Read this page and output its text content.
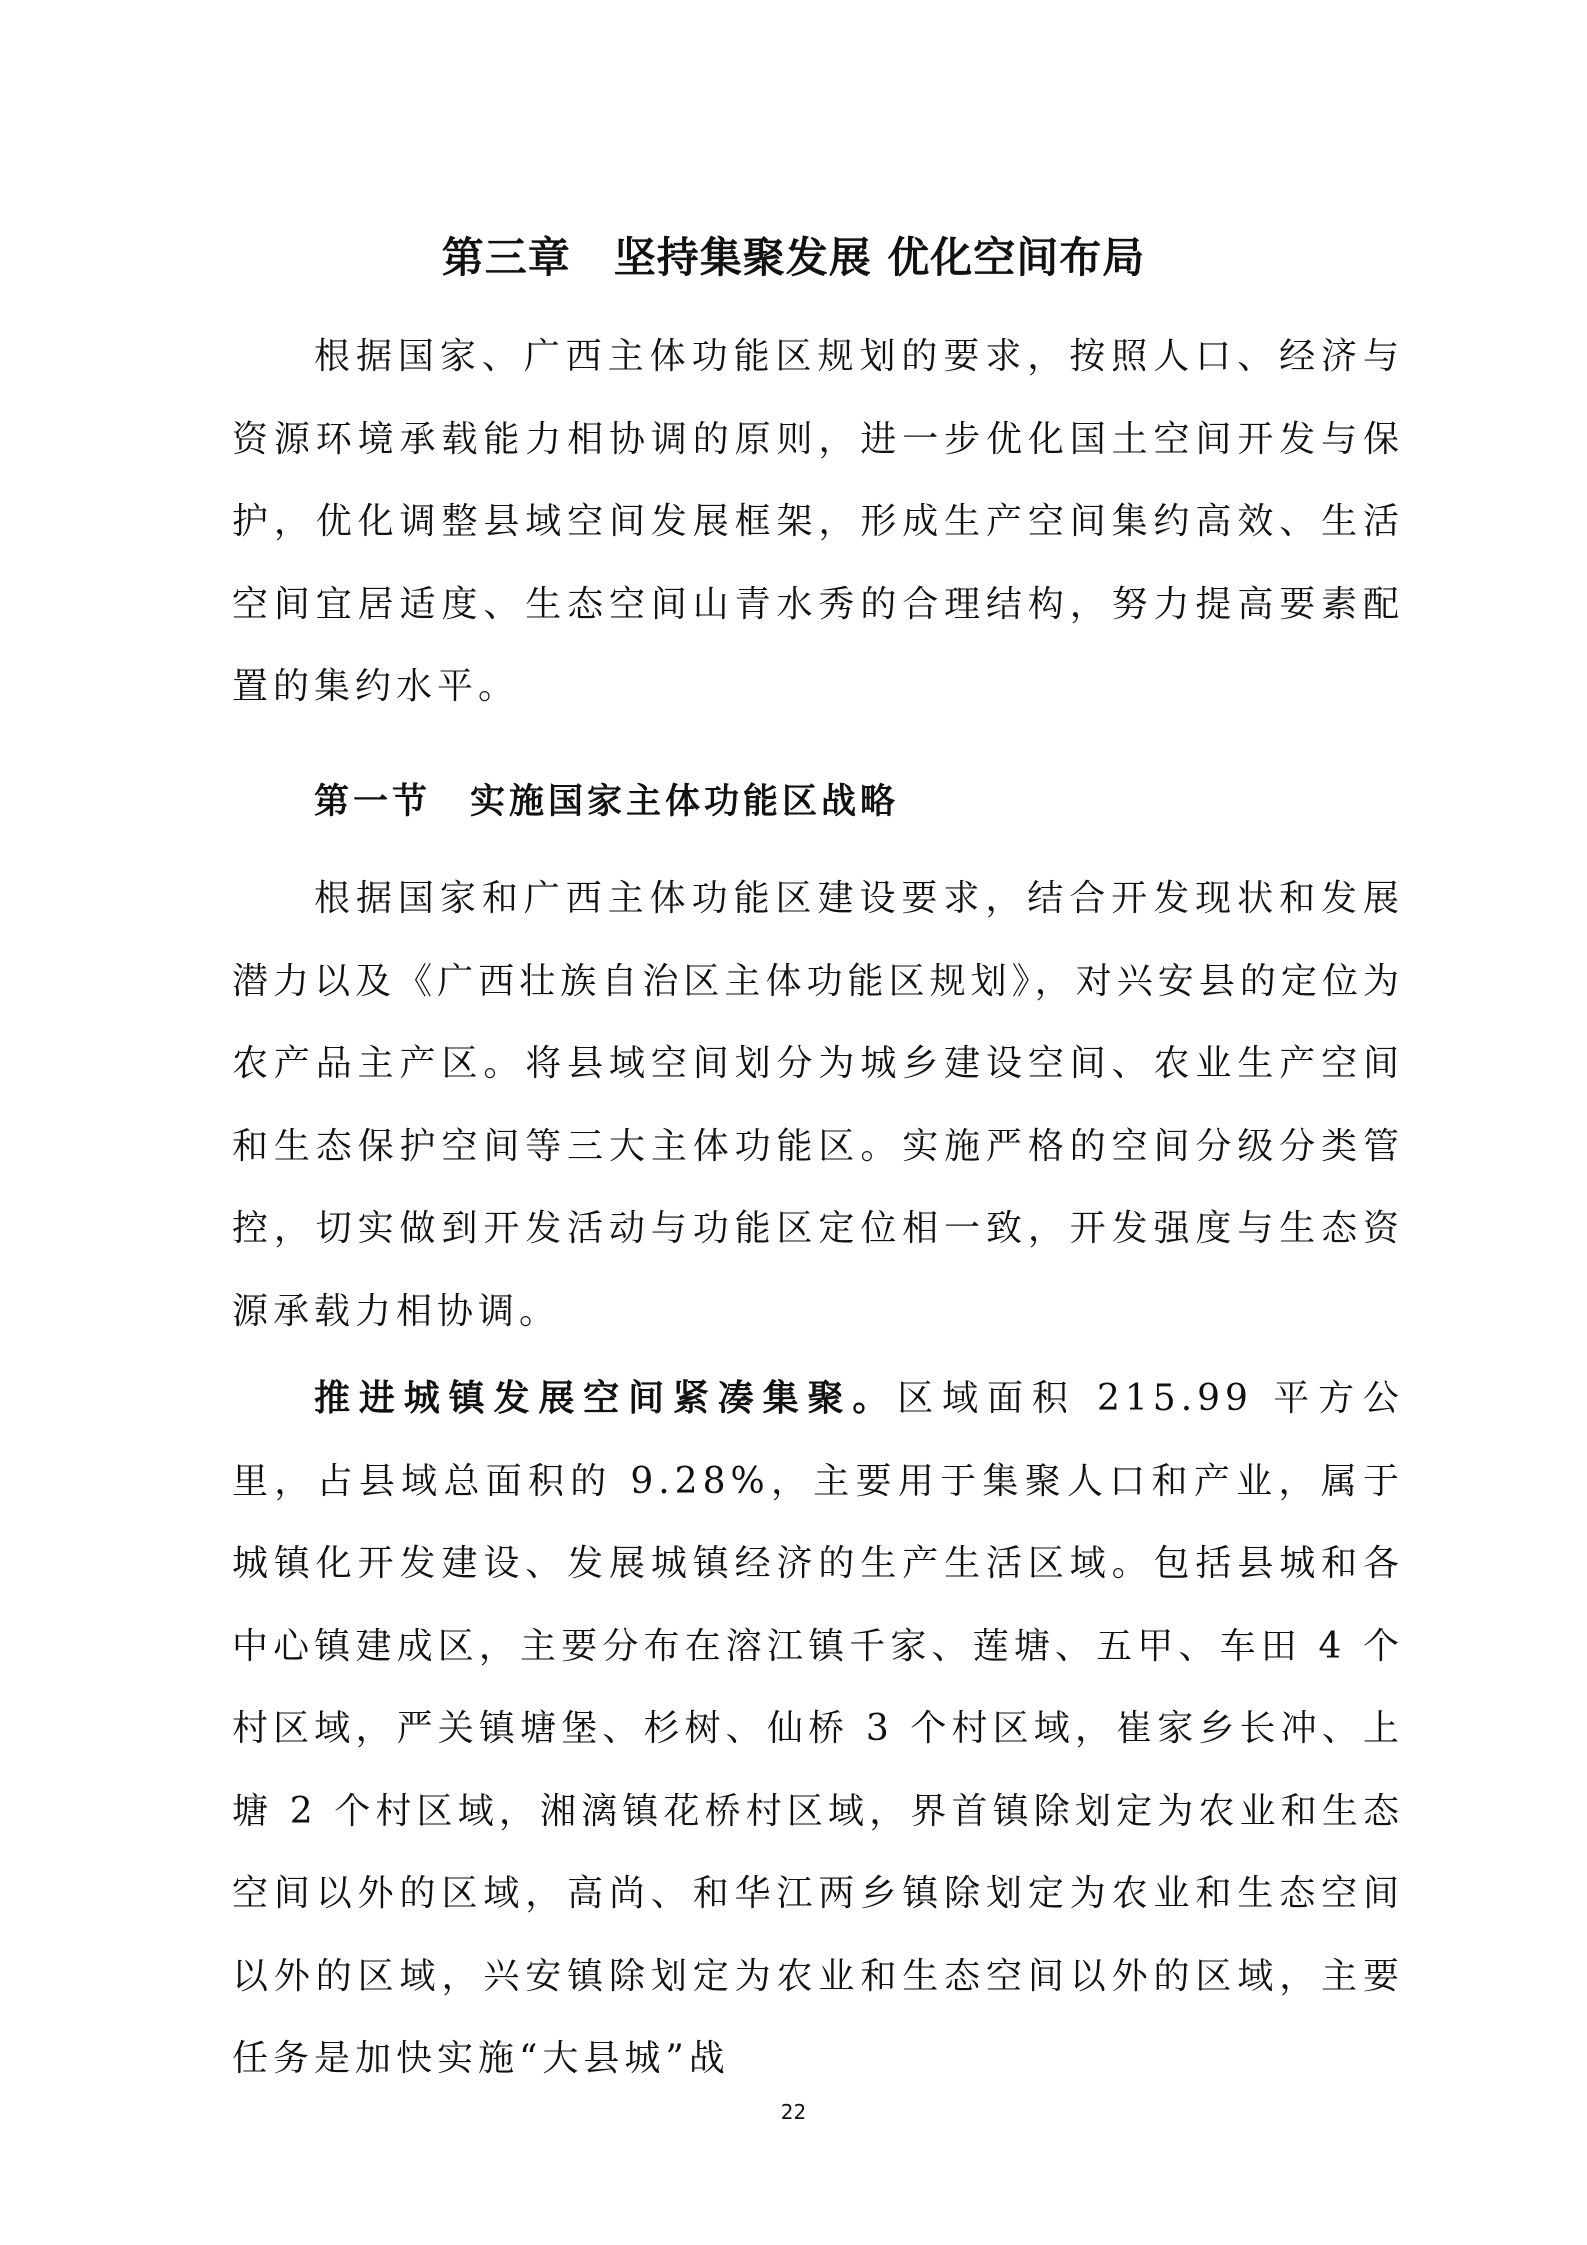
第三章　坚持集聚发展 优化空间布局

根据国家、广西主体功能区规划的要求，按照人口、经济与资源环境承载能力相协调的原则，进一步优化国土空间开发与保护，优化调整县域空间发展框架，形成生产空间集约高效、生活空间宜居适度、生态空间山青水秀的合理结构，努力提高要素配置的集约水平。

第一节　实施国家主体功能区战略

根据国家和广西主体功能区建设要求，结合开发现状和发展潜力以及《广西壮族自治区主体功能区规划》，对兴安县的定位为农产品主产区。将县域空间划分为城乡建设空间、农业生产空间和生态保护空间等三大主体功能区。实施严格的空间分级分类管控，切实做到开发活动与功能区定位相一致，开发强度与生态资源承载力相协调。

推进城镇发展空间紧凑集聚。区域面积 215.99 平方公里，占县域总面积的 9.28%，主要用于集聚人口和产业，属于城镇化开发建设、发展城镇经济的生产生活区域。包括县城和各中心镇建成区，主要分布在溶江镇千家、莲塘、五甲、车田 4 个村区域，严关镇塘堡、杉树、仙桥 3 个村区域，崔家乡长冲、上塘 2 个村区域，湘漓镇花桥村区域，界首镇除划定为农业和生态空间以外的区域，高尚、和华江两乡镇除划定为农业和生态空间以外的区域，兴安镇除划定为农业和生态空间以外的区域，主要任务是加快实施“大县城”战

22
